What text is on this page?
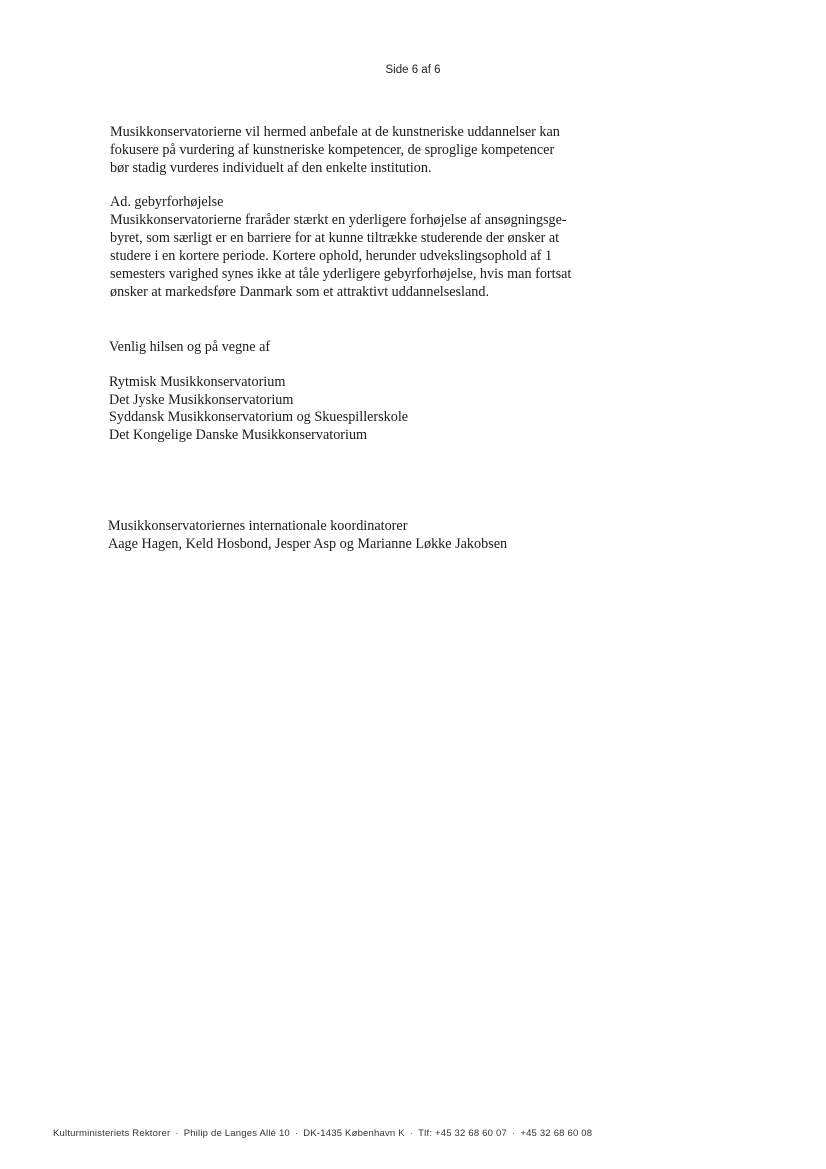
Side 6 af 6
Musikkonservatorierne vil hermed anbefale at de kunstneriske uddannelser kan
fokusere på vurdering af kunstneriske kompetencer, de sproglige kompetencer
bør stadig vurderes individuelt af den enkelte institution.
Ad. gebyrforhøjelse
Musikkonservatorierne fraråder stærkt en yderligere forhøjelse af ansøgningsge-
byret, som særligt er en barriere for at kunne tiltrække studerende der ønsker at
studere i en kortere periode. Kortere ophold, herunder udvekslingsophold af 1
semesters varighed synes ikke at tåle yderligere gebyrforhøjelse, hvis man fortsat
ønsker at markedsføre Danmark som et attraktivt uddannelsesland.
Venlig hilsen og på vegne af
Rytmisk Musikkonservatorium
Det Jyske Musikkonservatorium
Syddansk Musikkonservatorium og Skuespillerskole
Det Kongelige Danske Musikkonservatorium
Musikkonservatoriernes internationale koordinatorer
Aage Hagen, Keld Hosbond, Jesper Asp og Marianne Løkke Jakobsen
Kulturministeriets Rektorer · Philip de Langes Allé 10 · DK-1435 København K · Tlf: +45 32 68 60 07 · +45 32 68 60 08
